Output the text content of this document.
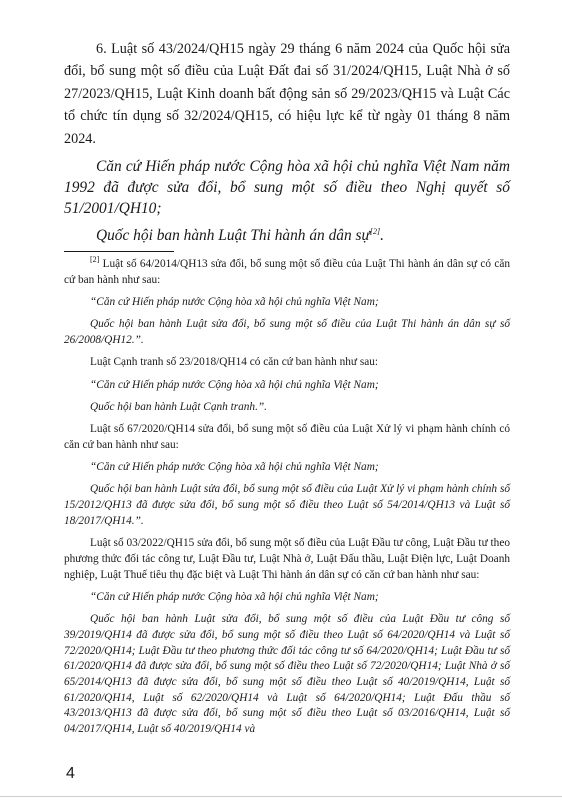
6. Luật số 43/2024/QH15 ngày 29 tháng 6 năm 2024 của Quốc hội sửa đổi, bổ sung một số điều của Luật Đất đai số 31/2024/QH15, Luật Nhà ở số 27/2023/QH15, Luật Kinh doanh bất động sản số 29/2023/QH15 và Luật Các tổ chức tín dụng số 32/2024/QH15, có hiệu lực kể từ ngày 01 tháng 8 năm 2024.

Căn cứ Hiến pháp nước Cộng hòa xã hội chủ nghĩa Việt Nam năm 1992 đã được sửa đổi, bổ sung một số điều theo Nghị quyết số 51/2001/QH10;

Quốc hội ban hành Luật Thi hành án dân sự[2].

[2] Luật số 64/2014/QH13 sửa đổi, bổ sung một số điều của Luật Thi hành án dân sự có căn cứ ban hành như sau:

“Căn cứ Hiến pháp nước Cộng hòa xã hội chủ nghĩa Việt Nam;

Quốc hội ban hành Luật sửa đổi, bổ sung một số điều của Luật Thi hành án dân sự số 26/2008/QH12.”.

Luật Cạnh tranh số 23/2018/QH14 có căn cứ ban hành như sau:

“Căn cứ Hiến pháp nước Cộng hòa xã hội chủ nghĩa Việt Nam;

Quốc hội ban hành Luật Cạnh tranh.”.

Luật số 67/2020/QH14 sửa đổi, bổ sung một số điều của Luật Xử lý vi phạm hành chính có căn cứ ban hành như sau:

“Căn cứ Hiến pháp nước Cộng hòa xã hội chủ nghĩa Việt Nam;

Quốc hội ban hành Luật sửa đổi, bổ sung một số điều của Luật Xử lý vi phạm hành chính số 15/2012/QH13 đã được sửa đổi, bổ sung một số điều theo Luật số 54/2014/QH13 và Luật số 18/2017/QH14.”.

Luật số 03/2022/QH15 sửa đổi, bổ sung một số điều của Luật Đầu tư công, Luật Đầu tư theo phương thức đối tác công tư, Luật Đầu tư, Luật Nhà ở, Luật Đấu thầu, Luật Điện lực, Luật Doanh nghiệp, Luật Thuế tiêu thụ đặc biệt và Luật Thi hành án dân sự có căn cứ ban hành như sau:

“Căn cứ Hiến pháp nước Cộng hòa xã hội chủ nghĩa Việt Nam;

Quốc hội ban hành Luật sửa đổi, bổ sung một số điều của Luật Đầu tư công số 39/2019/QH14 đã được sửa đổi, bổ sung một số điều theo Luật số 64/2020/QH14 và Luật số 72/2020/QH14; Luật Đầu tư theo phương thức đối tác công tư số 64/2020/QH14; Luật Đầu tư số 61/2020/QH14 đã được sửa đổi, bổ sung một số điều theo Luật số 72/2020/QH14; Luật Nhà ở số 65/2014/QH13 đã được sửa đổi, bổ sung một số điều theo Luật số 40/2019/QH14, Luật số 61/2020/QH14, Luật số 62/2020/QH14 và Luật số 64/2020/QH14; Luật Đấu thầu số 43/2013/QH13 đã được sửa đổi, bổ sung một số điều theo Luật số 03/2016/QH14, Luật số 04/2017/QH14, Luật số 40/2019/QH14 và

4
